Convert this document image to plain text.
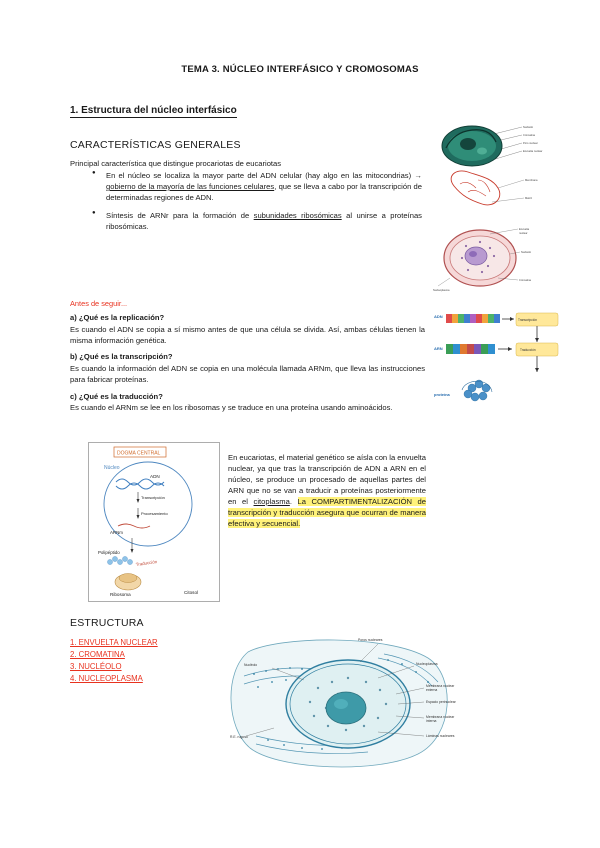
TEMA 3. NÚCLEO INTERFÁSICO Y CROMOSOMAS
1. Estructura del núcleo interfásico
CARACTERÍSTICAS GENERALES
Principal característica que distingue procariotas de eucariotas
● En el núcleo se localiza la mayor parte del ADN celular (hay algo en las mitocondrias) → gobierno de la mayoría de las funciones celulares, que se lleva a cabo por la transcripción de determinadas regiones de ADN.
● Síntesis de ARNr para la formación de subunidades ribosómicas al unirse a proteínas ribosómicas.
Antes de seguir...
a) ¿Qué es la replicación?
Es cuando el ADN se copia a sí mismo antes de que una célula se divida. Así, ambas células tienen la misma información genética.
b) ¿Qué es la transcripción?
Es cuando la información del ADN se copia en una molécula llamada ARNm, que lleva las instrucciones para fabricar proteínas.
c) ¿Qué es la traducción?
Es cuando el ARNm se lee en los ribosomas y se traduce en una proteína usando aminoácidos.
En eucariotas, el material genético se aísla con la envuelta nuclear, ya que tras la transcripción de ADN a ARN en el núcleo, se produce un procesado de aquellas partes del ARN que no se van a traducir a proteínas posteriormente en el citoplasma. La COMPARTIMENTALIZACIÓN de transcripción y traducción asegura que ocurran de manera efectiva y secuencial.
ESTRUCTURA
1. ENVUELTA NUCLEAR
2. CROMATINA
3. NUCLÉOLO
4. NUCLEOPLASMA
Nucléolo
Cromatina
Poro nuclear
Envuelta nuclear
Membrana
Matriz
Envuelta
nuclear
Nucléolo
Cromatina
Nucleoplasma
ADN
Transcripción
ARN	Traducción
proteína
DOGMA CENTRAL
Núcleo
ADN
Transcripción
Procesamiento
ARNm
Polipéptido
Traducción
Ribosoma	Citosol
Poros nucleares
Nucleoplasma
Membrana nuclear
externa
Espacio perinuclear
Membrana nuclear
interna
Láminas nucleares
Nucléolo
R.E. rugoso
